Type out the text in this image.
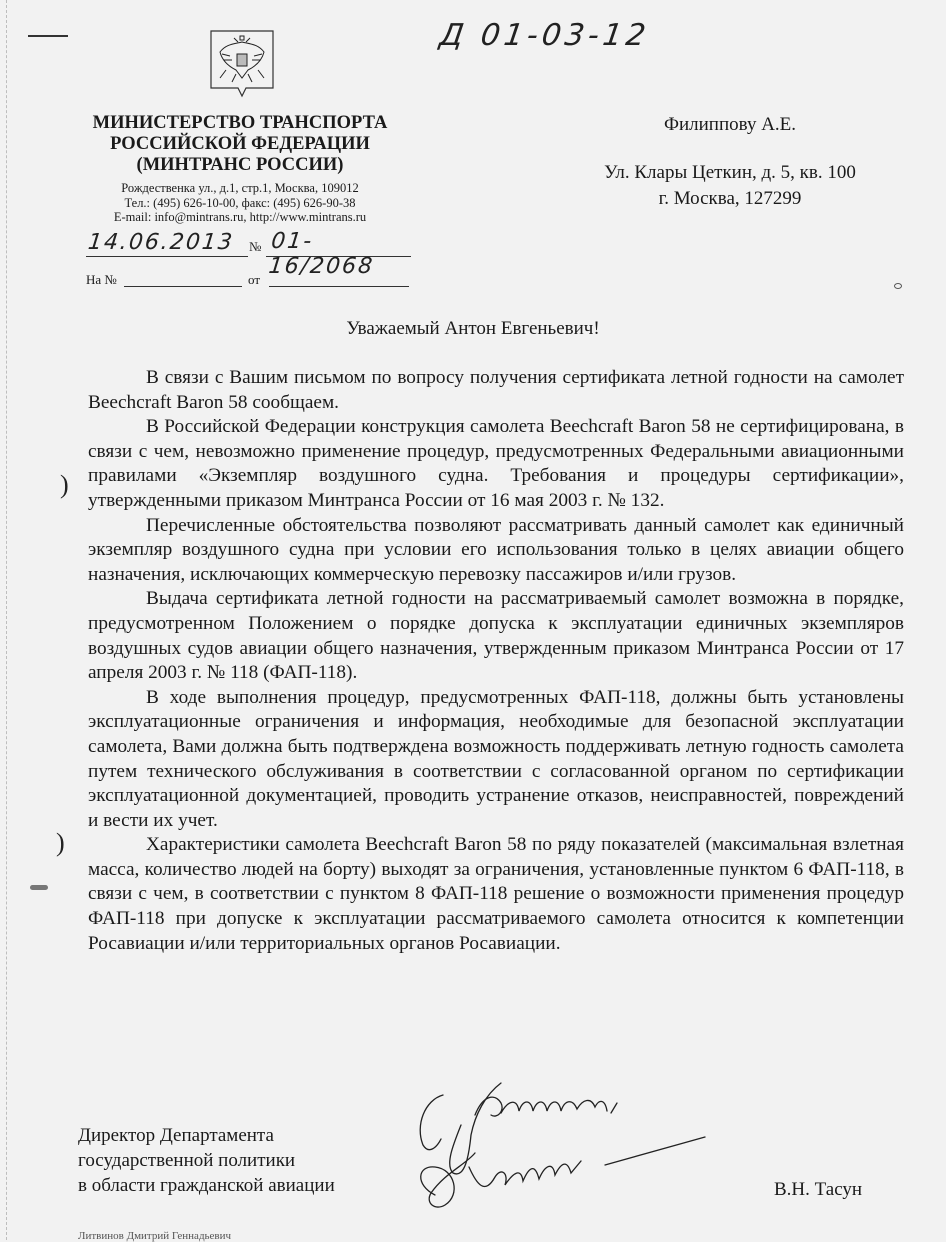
Д 01-03-12
МИНИСТЕРСТВО ТРАНСПОРТА
РОССИЙСКОЙ ФЕДЕРАЦИИ
(МИНТРАНС РОССИИ)
Рождественка ул., д.1, стр.1, Москва, 109012
Тел.: (495) 626-10-00, факс: (495) 626-90-38
E-mail: info@mintrans.ru, http://www.mintrans.ru
14.06.2013 № 01-16/2068
На №	от
Филиппову А.Е.
Ул. Клары Цеткин, д. 5, кв. 100
г. Москва, 127299
Уважаемый Антон Евгеньевич!

В связи с Вашим письмом по вопросу получения сертификата летной годности на самолет Beechcraft Baron 58 сообщаем.

В Российской Федерации конструкция самолета Beechcraft Baron 58 не сертифицирована, в связи с чем, невозможно применение процедур, предусмотренных Федеральными авиационными правилами «Экземпляр воздушного судна. Требования и процедуры сертификации», утвержденными приказом Минтранса России от 16 мая 2003 г. № 132.

Перечисленные обстоятельства позволяют рассматривать данный самолет как единичный экземпляр воздушного судна при условии его использования только в целях авиации общего назначения, исключающих коммерческую перевозку пассажиров и/или грузов.

Выдача сертификата летной годности на рассматриваемый самолет возможна в порядке, предусмотренном Положением о порядке допуска к эксплуатации единичных экземпляров воздушных судов авиации общего назначения, утвержденным приказом Минтранса России от 17 апреля 2003 г. № 118 (ФАП-118).

В ходе выполнения процедур, предусмотренных ФАП-118, должны быть установлены эксплуатационные ограничения и информация, необходимые для безопасной эксплуатации самолета, Вами должна быть подтверждена возможность поддерживать летную годность самолета путем технического обслуживания в соответствии с согласованной органом по сертификации эксплуатационной документацией, проводить устранение отказов, неисправностей, повреждений и вести их учет.

Характеристики самолета Beechcraft Baron 58 по ряду показателей (максимальная взлетная масса, количество людей на борту) выходят за ограничения, установленные пунктом 6 ФАП-118, в связи с чем, в соответствии с пунктом 8 ФАП-118 решение о возможности применения процедур ФАП-118 при допуске к эксплуатации рассматриваемого самолета относится к компетенции Росавиации и/или территориальных органов Росавиации.

)
)
Директор Департамента
государственной политики
в области гражданской авиации	В.Н. Тасун
Литвинов Дмитрий Геннадьевич
